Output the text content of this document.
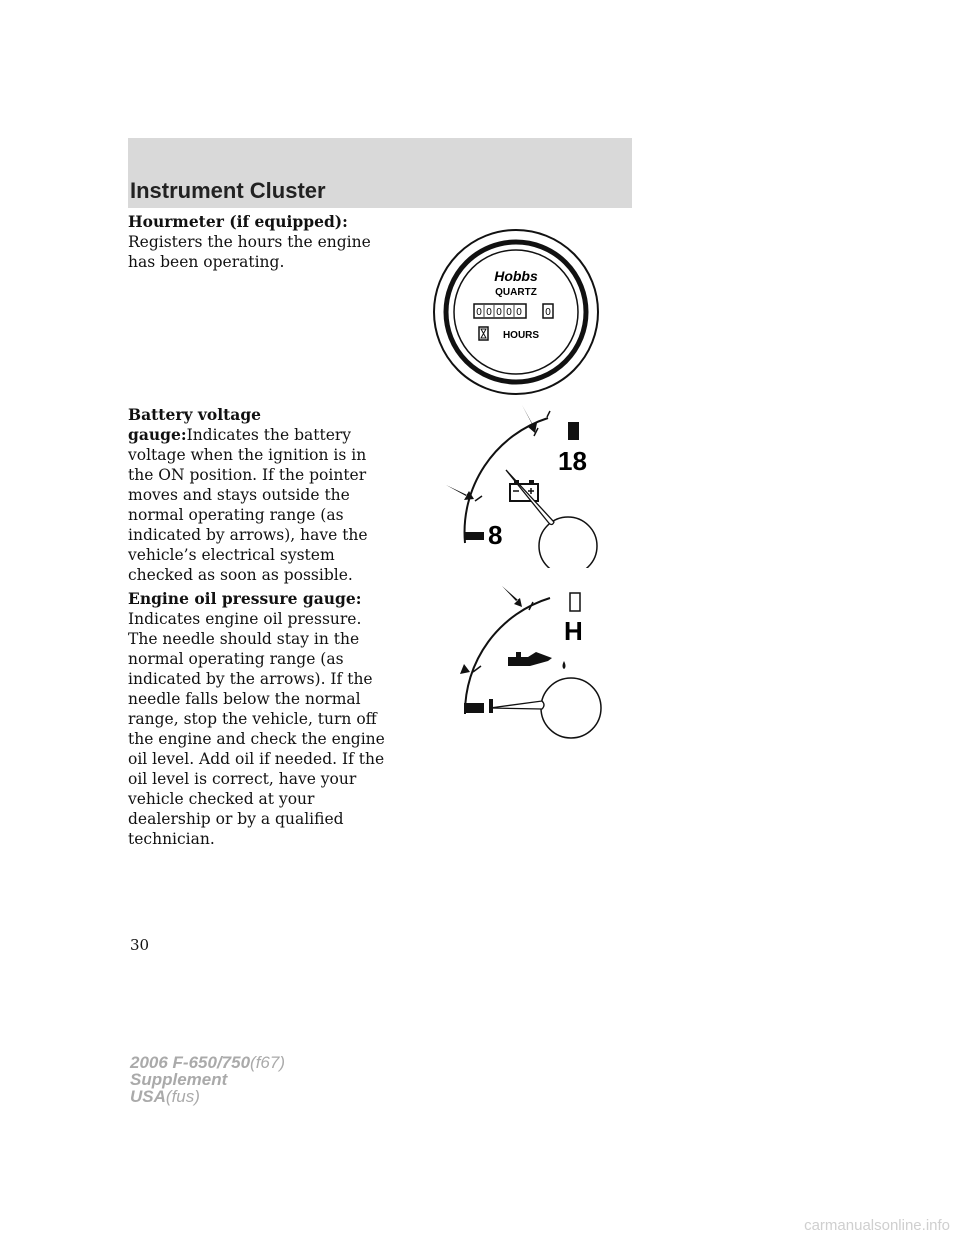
Instrument Cluster
Hourmeter (if equipped):
Registers the hours the engine has been operating.
Battery voltage gauge:Indicates the battery voltage when the ignition is in the ON position. If the pointer moves and stays outside the normal operating range (as indicated by arrows), have the vehicle’s electrical system checked as soon as possible.
Engine oil pressure gauge:
Indicates engine oil pressure. The needle should stay in the normal operating range (as indicated by the arrows). If the needle falls below the normal range, stop the vehicle, turn off the engine and check the engine oil level. Add oil if needed. If the oil level is correct, have your vehicle checked at your dealership or by a qualified technician.
Hobbs
QUARTZ
0 0 0 0 0 0
HOURS
18
8
H
30
2006 F-650/750(f67)
Supplement
USA(fus)
carmanualsonline.info
